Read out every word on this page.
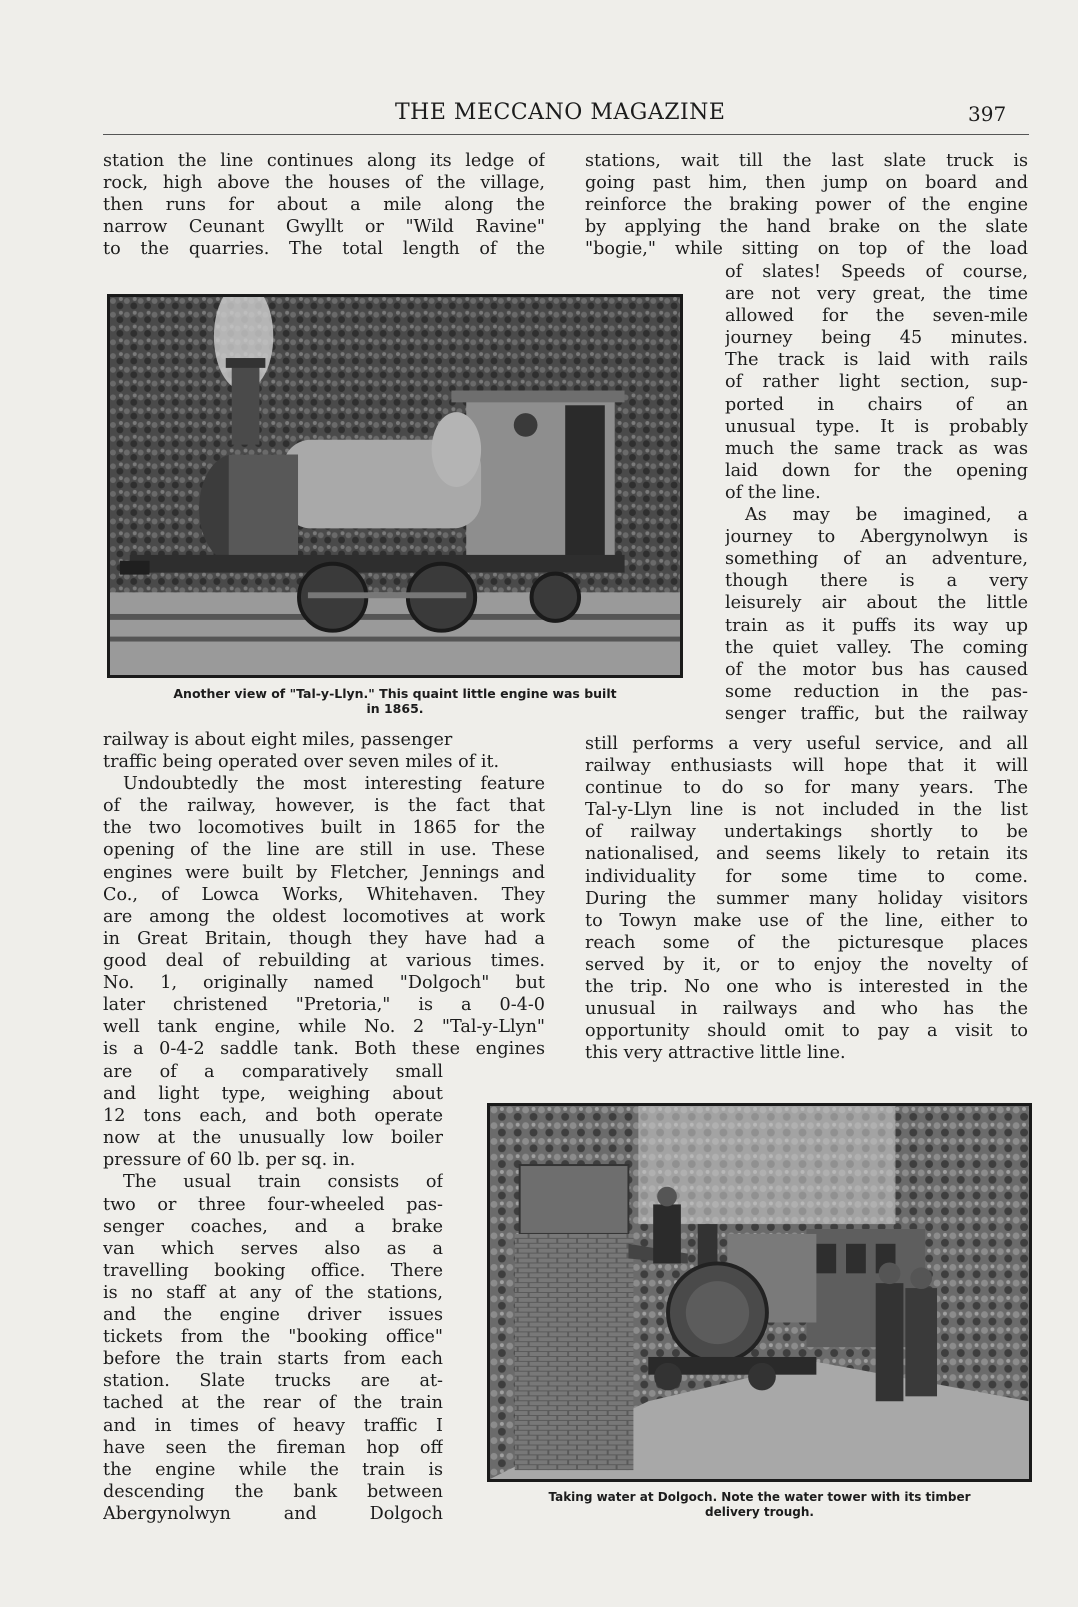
THE MECCANO MAGAZINE	397
station the line continues along its ledge of
rock, high above the houses of the village,
then runs for about a mile along the
narrow Ceunant Gwyllt or "Wild Ravine"
to the quarries. The total length of the
Another view of "Tal-y-Llyn." This quaint little engine was built
in 1865.
railway is about eight miles, passenger
traffic being operated over seven miles of it.
Undoubtedly the most interesting feature
of the railway, however, is the fact that
the two locomotives built in 1865 for the
opening of the line are still in use. These
engines were built by Fletcher, Jennings and
Co., of Lowca Works, Whitehaven. They
are among the oldest locomotives at work
in Great Britain, though they have had a
good deal of rebuilding at various times.
No. 1, originally named "Dolgoch" but
later christened "Pretoria," is a 0-4-0
well tank engine, while No. 2 "Tal-y-Llyn"
is a 0-4-2 saddle tank. Both these engines
are of a comparatively small
and light type, weighing about
12 tons each, and both operate
now at the unusually low boiler
pressure of 60 lb. per sq. in.
The usual train consists of
two or three four-wheeled pas-
senger coaches, and a brake
van which serves also as a
travelling booking office. There
is no staff at any of the stations,
and the engine driver issues
tickets from the "booking office"
before the train starts from each
station. Slate trucks are at-
tached at the rear of the train
and in times of heavy traffic I
have seen the fireman hop off
the engine while the train is
descending the bank between
Abergynolwyn and Dolgoch
stations, wait till the last slate truck is
going past him, then jump on board and
reinforce the braking power of the engine
by applying the hand brake on the slate
"bogie," while sitting on top of the load
of slates! Speeds of course,
are not very great, the time
allowed for the seven-mile
journey being 45 minutes.
The track is laid with rails
of rather light section, sup-
ported in chairs of an
unusual type. It is probably
much the same track as was
laid down for the opening
of the line.
As may be imagined, a
journey to Abergynolwyn is
something of an adventure,
though there is a very
leisurely air about the little
train as it puffs its way up
the quiet valley. The coming
of the motor bus has caused
some reduction in the pas-
senger traffic, but the railway
still performs a very useful service, and all
railway enthusiasts will hope that it will
continue to do so for many years. The
Tal-y-Llyn line is not included in the list
of railway undertakings shortly to be
nationalised, and seems likely to retain its
individuality for some time to come.
During the summer many holiday visitors
to Towyn make use of the line, either to
reach some of the picturesque places
served by it, or to enjoy the novelty of
the trip. No one who is interested in the
unusual in railways and who has the
opportunity should omit to pay a visit to
this very attractive little line.
Taking water at Dolgoch. Note the water tower with its timber
delivery trough.
